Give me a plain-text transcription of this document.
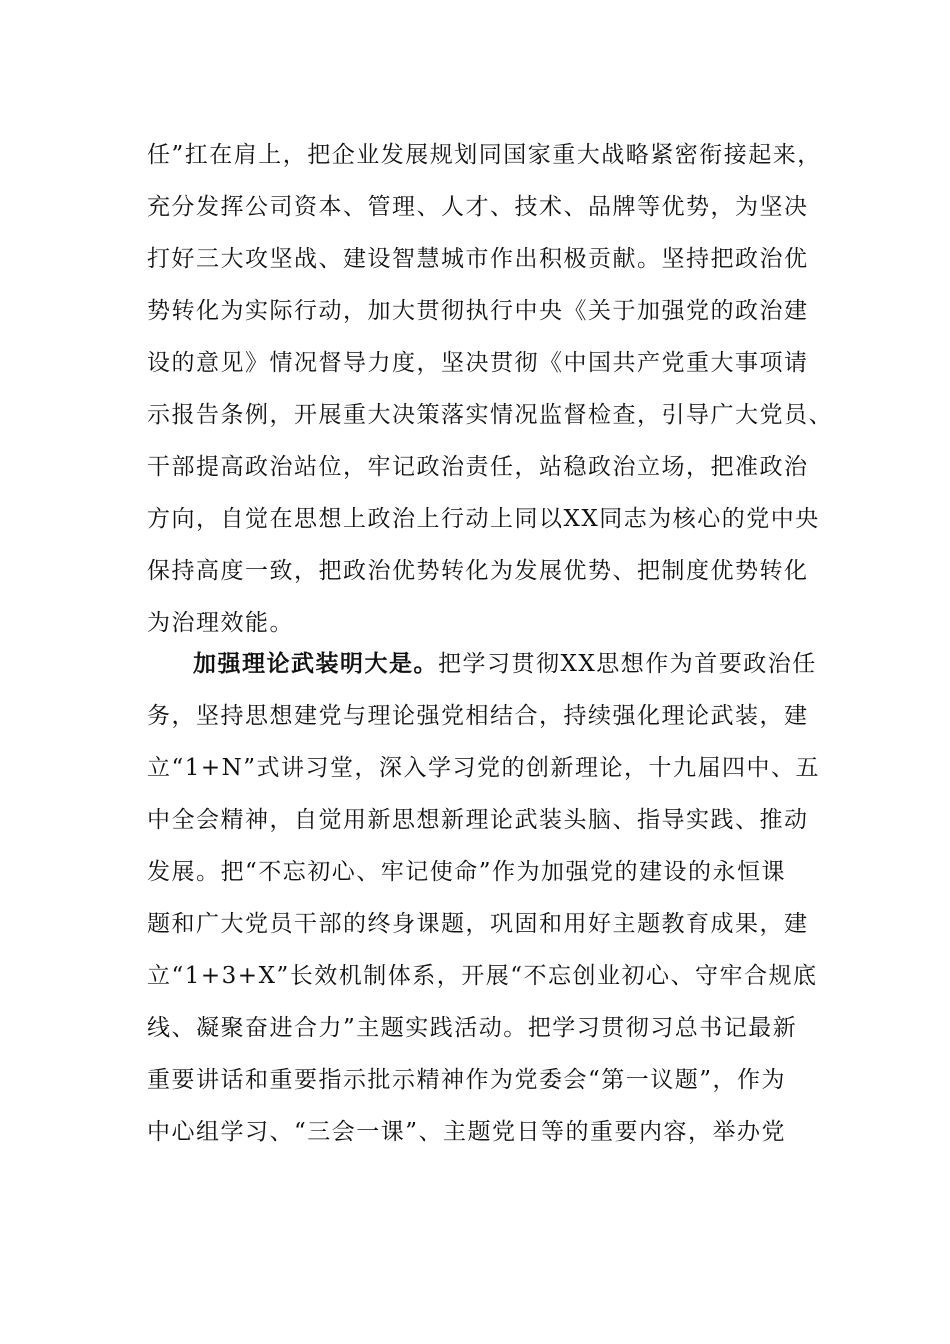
任”扛在肩上，把企业发展规划同国家重大战略紧密衔接起来，
充分发挥公司资本、管理、人才、技术、品牌等优势，为坚决
打好三大攻坚战、建设智慧城市作出积极贡献。坚持把政治优
势转化为实际行动，加大贯彻执行中央《关于加强党的政治建
设的意见》情况督导力度，坚决贯彻《中国共产党重大事项请
示报告条例，开展重大决策落实情况监督检查，引导广大党员、
干部提高政治站位，牢记政治责任，站稳政治立场，把准政治
方向，自觉在思想上政治上行动上同以XX同志为核心的党中央
保持高度一致，把政治优势转化为发展优势、把制度优势转化
为治理效能。
加强理论武装明大是。把学习贯彻XX思想作为首要政治任
务，坚持思想建党与理论强党相结合，持续强化理论武装，建
立“1+N”式讲习堂，深入学习党的创新理论，十九届四中、五
中全会精神，自觉用新思想新理论武装头脑、指导实践、推动
发展。把“不忘初心、牢记使命”作为加强党的建设的永恒课
题和广大党员干部的终身课题，巩固和用好主题教育成果，建
立“1+3+X”长效机制体系，开展“不忘创业初心、守牢合规底
线、凝聚奋进合力”主题实践活动。把学习贯彻习总书记最新
重要讲话和重要指示批示精神作为党委会“第一议题”，作为
中心组学习、“三会一课”、主题党日等的重要内容，举办党
